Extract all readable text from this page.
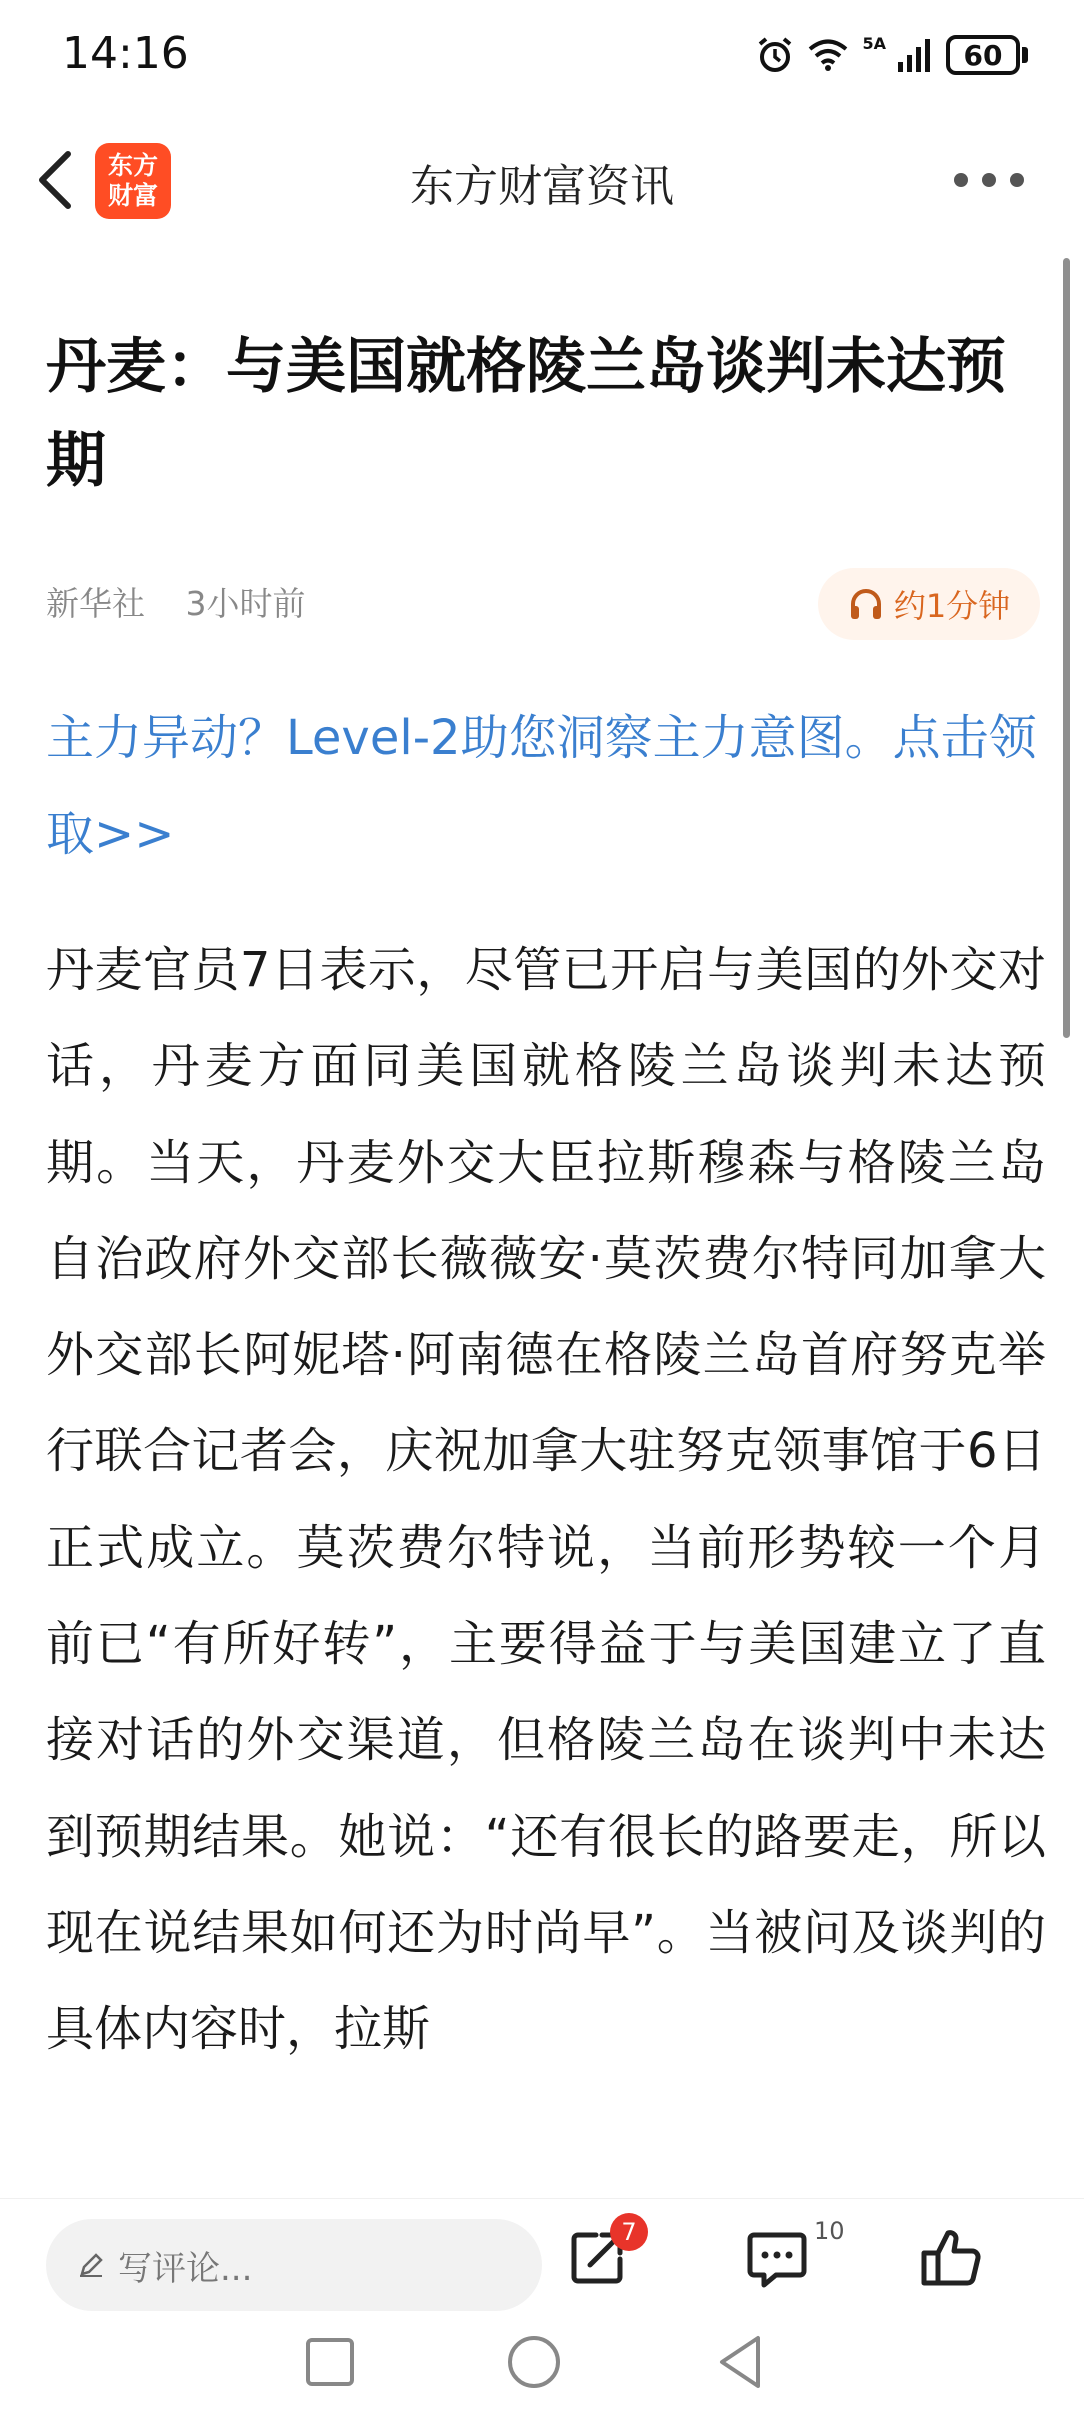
14:16	5A	60
东方
财富	东方财富资讯
丹麦：与美国就格陵兰岛谈判未达预期
新华社 3小时前	约1分钟
主力异动？Level-2助您洞察主力意图。点击领取>>
丹麦官员7日表示，尽管已开启与美国的外交对话，丹麦方面同美国就格陵兰岛谈判未达预期。当天，丹麦外交大臣拉斯穆森与格陵兰岛自治政府外交部长薇薇安·莫茨费尔特同加拿大外交部长阿妮塔·阿南德在格陵兰岛首府努克举行联合记者会，庆祝加拿大驻努克领事馆于6日正式成立。莫茨费尔特说，当前形势较一个月前已“有所好转”，主要得益于与美国建立了直接对话的外交渠道，但格陵兰岛在谈判中未达到预期结果。她说：“还有很长的路要走，所以现在说结果如何还为时尚早”。当被问及谈判的具体内容时，拉斯
写评论...
7	10
